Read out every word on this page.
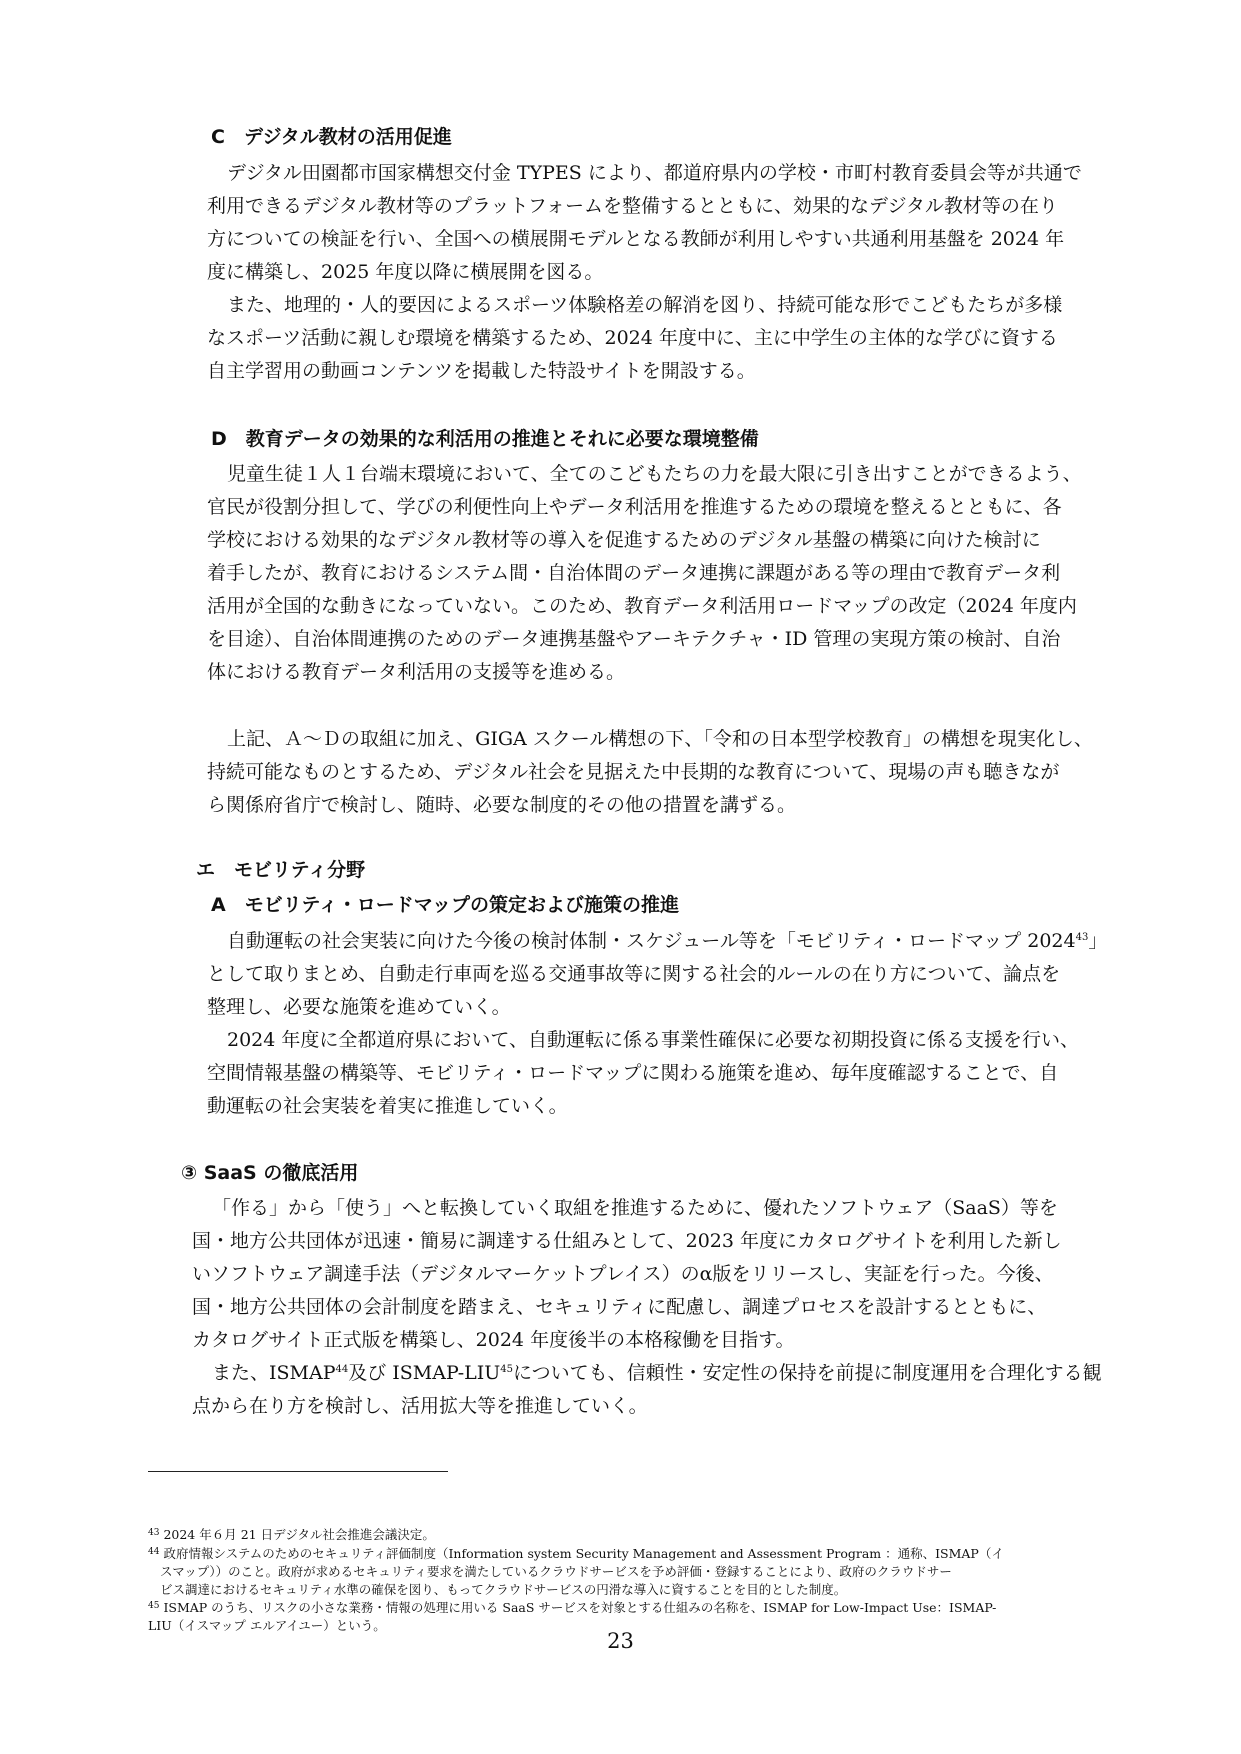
C　デジタル教材の活用促進
デジタル田園都市国家構想交付金 TYPES により、都道府県内の学校・市町村教育委員会等が共通で
利用できるデジタル教材等のプラットフォームを整備するとともに、効果的なデジタル教材等の在り
方についての検証を行い、全国への横展開モデルとなる教師が利用しやすい共通利用基盤を 2024 年
度に構築し、2025 年度以降に横展開を図る。
また、地理的・人的要因によるスポーツ体験格差の解消を図り、持続可能な形でこどもたちが多様
なスポーツ活動に親しむ環境を構築するため、2024 年度中に、主に中学生の主体的な学びに資する
自主学習用の動画コンテンツを掲載した特設サイトを開設する。
D　教育データの効果的な利活用の推進とそれに必要な環境整備
児童生徒１人１台端末環境において、全てのこどもたちの力を最大限に引き出すことができるよう、
官民が役割分担して、学びの利便性向上やデータ利活用を推進するための環境を整えるとともに、各
学校における効果的なデジタル教材等の導入を促進するためのデジタル基盤の構築に向けた検討に
着手したが、教育におけるシステム間・自治体間のデータ連携に課題がある等の理由で教育データ利
活用が全国的な動きになっていない。このため、教育データ利活用ロードマップの改定（2024 年度内
を目途）、自治体間連携のためのデータ連携基盤やアーキテクチャ・ID 管理の実現方策の検討、自治
体における教育データ利活用の支援等を進める。
上記、Ａ～Ｄの取組に加え、GIGA スクール構想の下、「令和の日本型学校教育」の構想を現実化し、
持続可能なものとするため、デジタル社会を見据えた中長期的な教育について、現場の声も聴きなが
ら関係府省庁で検討し、随時、必要な制度的その他の措置を講ずる。
エ　モビリティ分野
A　モビリティ・ロードマップの策定および施策の推進
自動運転の社会実装に向けた今後の検討体制・スケジュール等を「モビリティ・ロードマップ 2024$^{43}$」
として取りまとめ、自動走行車両を巡る交通事故等に関する社会的ルールの在り方について、論点を
整理し、必要な施策を進めていく。
2024 年度に全都道府県において、自動運転に係る事業性確保に必要な初期投資に係る支援を行い、
空間情報基盤の構築等、モビリティ・ロードマップに関わる施策を進め、毎年度確認することで、自
動運転の社会実装を着実に推進していく。
③ SaaS の徹底活用
「作る」から「使う」へと転換していく取組を推進するために、優れたソフトウェア（SaaS）等を
国・地方公共団体が迅速・簡易に調達する仕組みとして、2023 年度にカタログサイトを利用した新し
いソフトウェア調達手法（デジタルマーケットプレイス）のα版をリリースし、実証を行った。今後、
国・地方公共団体の会計制度を踏まえ、セキュリティに配慮し、調達プロセスを設計するとともに、
カタログサイト正式版を構築し、2024 年度後半の本格稼働を目指す。
また、ISMAP$^{44}$及び ISMAP-LIU$^{45}$についても、信頼性・安定性の保持を前提に制度運用を合理化する観
点から在り方を検討し、活用拡大等を推進していく。
$^{43}$ 2024 年６月 21 日デジタル社会推進会議決定。
$^{44}$ 政府情報システムのためのセキュリティ評価制度（Information system Security Management and Assessment Program ：通称、ISMAP（イ
スマップ））のこと。政府が求めるセキュリティ要求を満たしているクラウドサービスを予め評価・登録することにより、政府のクラウドサー
ビス調達におけるセキュリティ水準の確保を図り、もってクラウドサービスの円滑な導入に資することを目的とした制度。
$^{45}$ ISMAP のうち、リスクの小さな業務・情報の処理に用いる SaaS サービスを対象とする仕組みの名称を、ISMAP for Low-Impact Use：ISMAP-
LIU（イスマップ エルアイユー）という。
23
